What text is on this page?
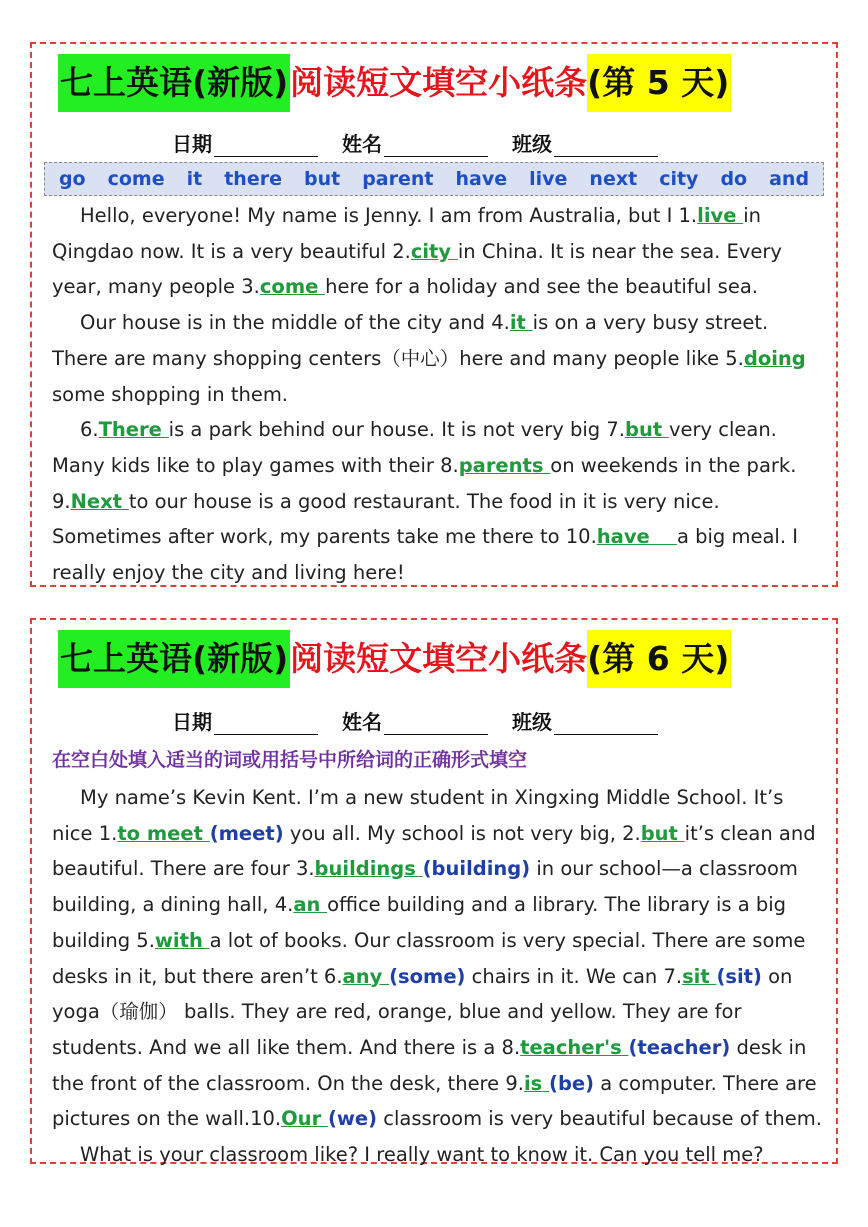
七上英语(新版) 阅读短文填空小纸条 (第 5 天)
日期	姓名	班级
go come it there but parent have live next city do and

Hello, everyone! My name is Jenny. I am from Australia, but I 1.live in Qingdao now. It is a very beautiful 2.city in China. It is near the sea. Every year, many people 3.come here for a holiday and see the beautiful sea.

Our house is in the middle of the city and 4.it is on a very busy street. There are many shopping centers（中心）here and many people like 5.doing some shopping in them.

6.There is a park behind our house. It is not very big 7.but very clean. Many kids like to play games with their 8.parents on weekends in the park. 9.Next to our house is a good restaurant. The food in it is very nice. Sometimes after work, my parents take me there to 10.have    a big meal. I really enjoy the city and living here!

七上英语(新版) 阅读短文填空小纸条 (第 6 天)
日期	姓名	班级
在空白处填入适当的词或用括号中所给词的正确形式填空

My name’s Kevin Kent. I’m a new student in Xingxing Middle School. It’s nice 1.to meet (meet) you all. My school is not very big, 2.but it’s clean and beautiful. There are four 3.buildings (building) in our school—a classroom building, a dining hall, 4.an office building and a library. The library is a big building 5.with a lot of books. Our classroom is very special. There are some desks in it, but there aren’t 6.any (some) chairs in it. We can 7.sit (sit) on yoga（瑜伽） balls. They are red, orange, blue and yellow. They are for students. And we all like them. And there is a 8.teacher's (teacher) desk in the front of the classroom. On the desk, there 9.is (be) a computer. There are pictures on the wall.10.Our (we) classroom is very beautiful because of them.

What is your classroom like? I really want to know it. Can you tell me?
